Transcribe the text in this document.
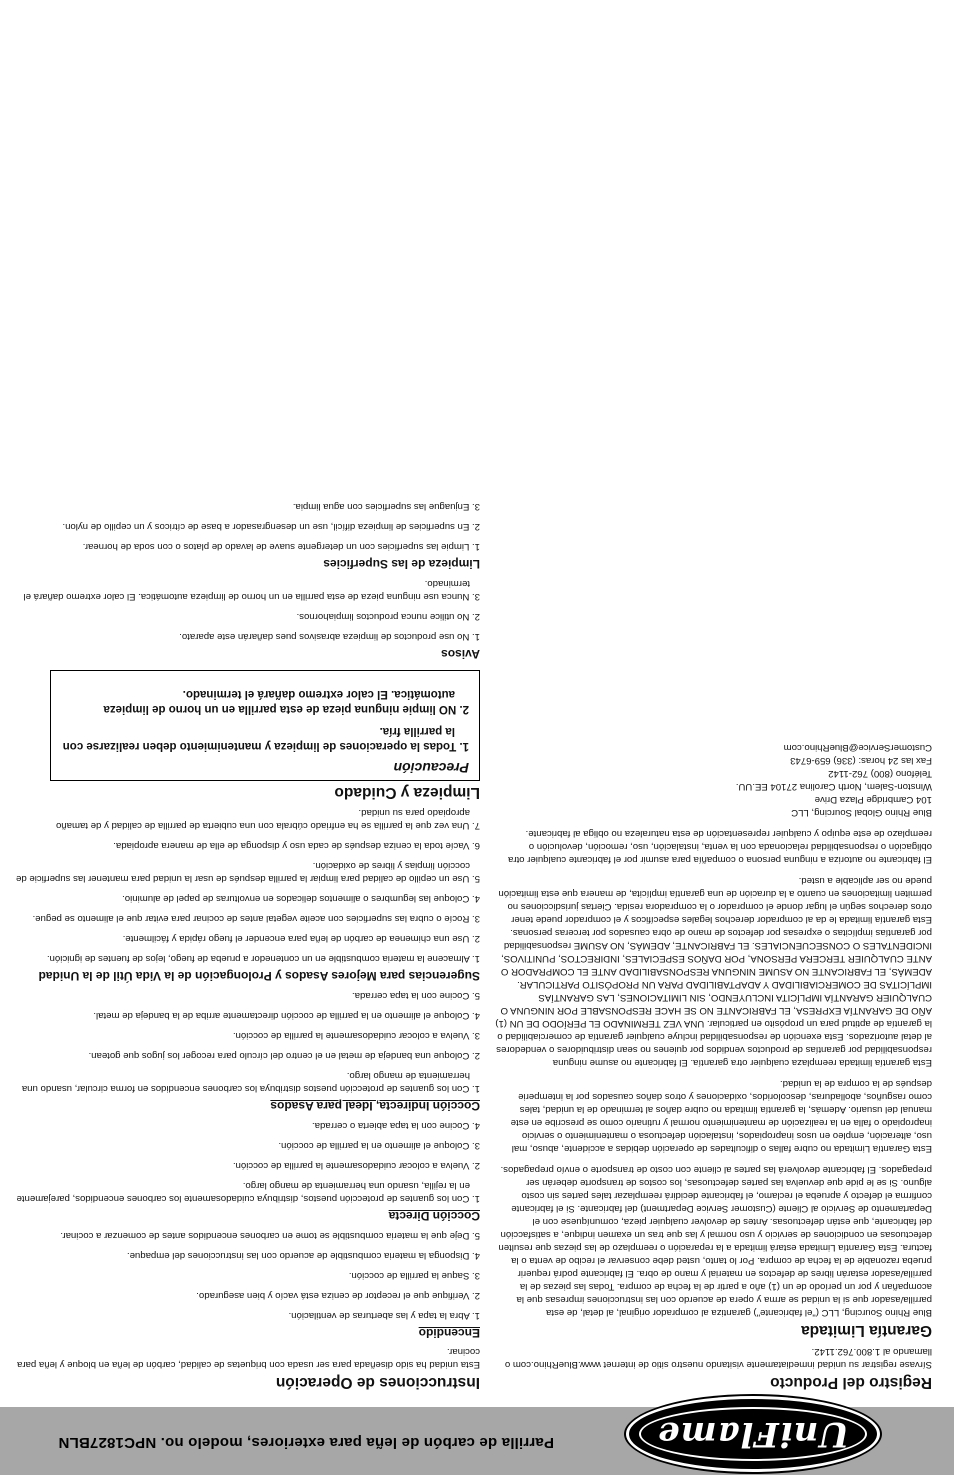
UniFlame
Parrilla de carbón de leña para exteriores, modelo no. NPC1827BLN
Instrucciones de Operación

Esta unidad ha sido diseñada para ser usada con briquetas de calidad, carbón de leña en bloque y leña para cocinar.

Encendido
1. Abra la tapa y las aberturas de ventilación.
2. Verifique que el receptor de ceniza está vacío y bien asegurado.
3. Saque la parrilla de cocción.
4. Disponga la materia combustible de acuerdo con las instrucciones del empaque.
5. Deje que la materia combustible se tome en carbones encendidos antes de comenzar a cocinar.
Cocción Directa
1. Con los guantes de protección puestos, distribuya cuidadosamente los carbones encendidos, parejamente en la rejilla, usando una herramienta de mango largo.
2. Vuelva a colocar cuidadosamente la parrilla de cocción.
3. Coloque el alimento en la parrilla de cocción.
4. Cocine con la tapa abierta o cerrada.
Cocción Indirecta, Ideal para Asados
1. Con los guantes de protección puestos distribuya los carbones encendidos en forma circular, usando una herramienta de mango largo.
2. Coloque una bandeja de metal en el centro del círculo para recoger los jugos que gotean.
3. Vuelva a colocar cuidadosamente la parrilla de cocción.
4. Coloque el alimento en la parrilla de cocción directamente arriba de la bandeja de metal.
5. Cocine con la tapa cerrada.
Sugerencias para Mejores Asados y Prolongación de la Vida Útil de la Unidad
1. Almacene la materia combustible en un contenedor a prueba de fuego, lejos de fuentes de ignición.
2. Use una chimenea de carbón de leña para encender el fuego rápida y fácilmente.
3. Rocíe o cubra las superficies con aceite vegetal antes de cocinar para evitar que el alimento se pegue.
4. Coloque las legumbres o alimentos delicados en envolturas de papel de aluminio.
5. Use un cepillo de calidad para limpiar la parrilla después de usar la unidad para mantener las superficie de cocción limpias y libres de oxidación.
6. Vacíe toda la ceniza después de cada uso y disponga de ella de manera apropiada.
7. Una vez que la parrilla se ha enfriado cúbrala con una cubierta de parrilla de calidad y de tamaño apropiado para su unidad.
Limpieza y Cuidado
Precaución
1. Todas la operaciones de limpieza y mantenimiento deben realizarse con la parrilla fría.
2. NO limpie ninguna pieza de esta parrilla en un horno de limpieza automática. El calor extremo dañará el terminado.
Avisos
1. No use productos de limpieza abrasivos pues dañarán este aparato.
2. No utilice nunca productos limpiahornos.
3. Nunca use ninguna pieza de esta parrilla en un horno de limpieza automática. El calor extremo dañará el terminado.
Limpieza de las Superficies
1. Limpie las superficies con un detergente suave de lavado de platos o con soda de hornear.
2. En superficies de limpieza difícil, use un desengrasador a base de cítricos y un cepillo de nylon.
3. Enjuague las superficies con agua limpia.
Registro del Producto

Sírvase registrar su unidad inmediatamente visitando nuestro sitio de internet www.BlueRhino.com o llamando al 1.800.762.1142.

Garantía Limitada

Blue Rhino Sourcing, LLC ("el fabricante") garantiza al comprador original, al detal, de esta parrilla/asador que si la unidad se arma y opera de acuerdo con las instrucciones impresas que la acompañan y por un período de un (1) año a partir de la fecha de compra. Todas las piezas de la parrilla/asador estarán libres de defectos en material y mano de obra. El fabricante podrá requerir prueba razonable de la fecha de compra. Por lo tanto, usted debe conservar el recibo de venta o la factura. Esta Garantía Limitada estará limitada a la reparación o reemplazo de las piezas que resulten defectuosas en condiciones de servicio y uso normal y las que tras un examen indique, a satisfacción del fabricante, que están defectuosas. Antes de devolver cualquier pieza, comuníquese con el Departamento de Servicio al Cliente (Customer Service Department) del fabricante. Si el fabricante confirma el defecto y aprueba el reclamo, el fabricante decidirá reemplazar tales partes sin costo alguno. Si se le pide que devuelva las partes defectuosas, los costos de transporte deberán ser prepagados. El fabricante devolverá las partes al cliente con costo de transporte o envío prepagados.

Esta Garantía Limitada no cubre fallas o dificultades de operación debidas a accidente, abuso, mal uso, alteración, empleo en usos inapropiados, instalación defectuosa o mantenimiento o servicio inapropiado o falla en la realización de mantenimiento normal y rutinario como se prescribe en este manual del usuario. Además, la garantía limitada no cubre daños al terminado de la unidad, tales como rasguños, abolladuras, descoloridos, oxidaciones y otros daños causados por la intemperie después de la compra de la unidad.

Esta garantía limitada reemplaza cualquier otra garantía. El fabricante no asume ninguna responsabilidad por garantías de productos vendidos por quienes no sean distribuidores o vendedores al detal autorizados. Esta exención de responsabilidad incluye cualquier garantía de comerciabilidad o la garantía de aptitud para un propósito en particular. UNA VEZ TERMINADO EL PERÍODO DE UN (1) AÑO DE GARANTÍA EXPRESA, EL FABRICANTE NO SE HACE RESPONSABLE POR NINGUNA O CUALQUIER GARANTÍA IMPLÍCITA INCLUYENDO, SIN LIMITACIONES, LAS GARANTÍAS IMPLÍCITAS DE COMERCIABILIDAD Y ADAPTABILIDAD PARA UN PROPÓSITO PARTICULAR. ADEMÁS, EL FABRICANTE NO ASUME NINGUNA RESPONSABILIDAD ANTE EL COMPRADOR O ANTE CUALQUIER TERCERA PERSONA, POR DAÑOS ESPECIALES, INDIRECTOS, PUNITIVOS, INCIDENTALES O CONSECUENCIALES. EL FABRICANTE, ADEMÁS, NO ASUME responsabilidad por garantías implícitas o expresas por defectos de mano de obra causados por terceras personas. Esta garantía limitada le da al comprador derechos legales específicos y el comprador puede tener otros derechos según el lugar donde el comprador o la compradora resida. Ciertas jurisdicciones no permiten limitaciones en cuanto a la duración de una garantía implícita, de manera que esta limitación puede no ser aplicable a usted.

El fabricante no autoriza a ninguna persona o compañía para asumir por el fabricante cualquier otra obligación o responsabilidad relacionada con la venta, instalación, uso, remoción, devolución o reemplazo de este equipo y cualquier representación de esta naturaleza no obliga al fabricante.

Blue Rhino Global Sourcing, LLC
104 Cambridge Plaza Drive
Winston-Salem, North Carolina 27104 EE.UU.
Teléfono (800) 762-1142
Fax las 24 horas: (336) 659-6743
CustomerService@BlueRhino.com
